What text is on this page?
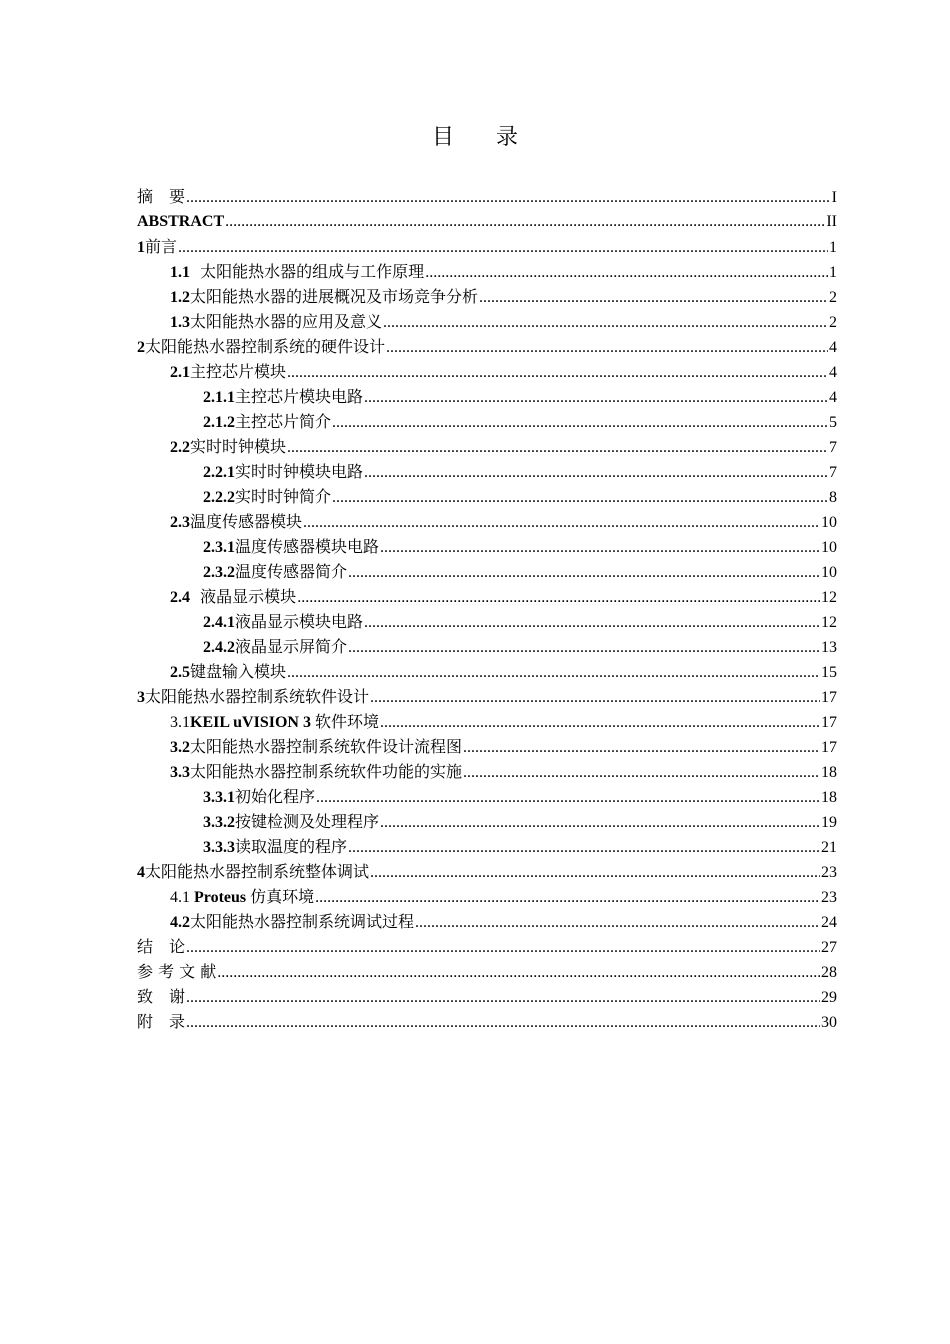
目 录
摘　要 .....	I
ABSTRACT .....	II
1 前言 .....	1
1.1 太阳能热水器的组成与工作原理 .....	1
1.2 太阳能热水器的进展概况及市场竞争分析 .....	2
1.3 太阳能热水器的应用及意义 .....	2
2 太阳能热水器控制系统的硬件设计 .....	4
2.1 主控芯片模块 .....	4
2.1.1 主控芯片模块电路 .....	4
2.1.2 主控芯片简介 .....	5
2.2 实时时钟模块 .....	7
2.2.1 实时时钟模块电路 .....	7
2.2.2 实时时钟简介 .....	8
2.3 温度传感器模块 .....	10
2.3.1 温度传感器模块电路 .....	10
2.3.2 温度传感器简介 .....	10
2.4 液晶显示模块 .....	12
2.4.1 液晶显示模块电路 .....	12
2.4.2 液晶显示屏简介 .....	13
2.5 键盘输入模块 .....	15
3 太阳能热水器控制系统软件设计 .....	17
3.1 KEIL uVISION 3 软件环境 .....	17
3.2 太阳能热水器控制系统软件设计流程图 .....	17
3.3 太阳能热水器控制系统软件功能的实施 .....	18
3.3.1 初始化程序 .....	18
3.3.2 按键检测及处理程序 .....	19
3.3.3 读取温度的程序 .....	21
4 太阳能热水器控制系统整体调试 .....	23
4.1 Proteus 仿真环境 .....	23
4.2 太阳能热水器控制系统调试过程 .....	24
结　论 .....	27
参 考 文 献 .....	28
致　谢 .....	29
附　录 .....	30
